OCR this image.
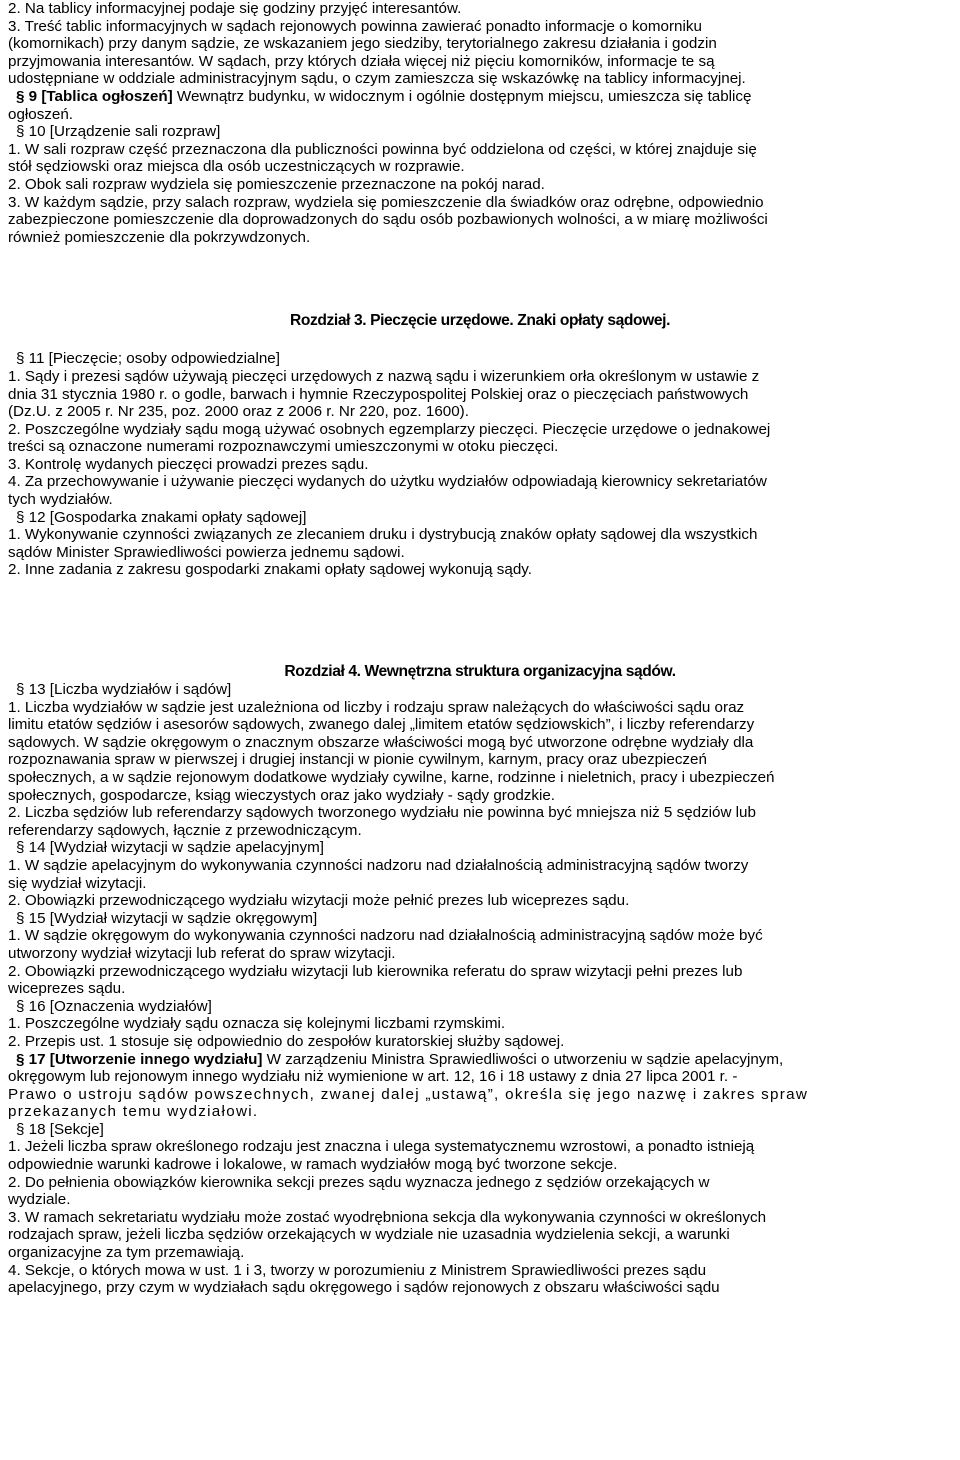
2. Na tablicy informacyjnej podaje się godziny przyjęć interesantów.

3. Treść tablic informacyjnych w sądach rejonowych powinna zawierać ponadto informacje o komorniku

(komornikach) przy danym sądzie, ze wskazaniem jego siedziby, terytorialnego zakresu działania i godzin

przyjmowania interesantów. W sądach, przy których działa więcej niż pięciu komorników, informacje te są

udostępniane w oddziale administracyjnym sądu, o czym zamieszcza się wskazówkę na tablicy informacyjnej.

§ 9 [Tablica ogłoszeń] Wewnątrz budynku, w widocznym i ogólnie dostępnym miejscu, umieszcza się tablicę

ogłoszeń.

§ 10 [Urządzenie sali rozpraw]

1. W sali rozpraw część przeznaczona dla publiczności powinna być oddzielona od części, w której znajduje się

stół sędziowski oraz miejsca dla osób uczestniczących w rozprawie.

2. Obok sali rozpraw wydziela się pomieszczenie przeznaczone na pokój narad.

3. W każdym sądzie, przy salach rozpraw, wydziela się pomieszczenie dla świadków oraz odrębne, odpowiednio

zabezpieczone pomieszczenie dla doprowadzonych do sądu osób pozbawionych wolności, a w miarę możliwości

również pomieszczenie dla pokrzywdzonych.

Rozdział 3. Pieczęcie urzędowe. Znaki opłaty sądowej.

§ 11 [Pieczęcie; osoby odpowiedzialne]

1. Sądy i prezesi sądów używają pieczęci urzędowych z nazwą sądu i wizerunkiem orła określonym w ustawie z

dnia 31 stycznia 1980 r. o godle, barwach i hymnie Rzeczypospolitej Polskiej oraz o pieczęciach państwowych

(Dz.U. z 2005 r. Nr 235, poz. 2000 oraz z 2006 r. Nr 220, poz. 1600).

2. Poszczególne wydziały sądu mogą używać osobnych egzemplarzy pieczęci. Pieczęcie urzędowe o jednakowej

treści są oznaczone numerami rozpoznawczymi umieszczonymi w otoku pieczęci.

3. Kontrolę wydanych pieczęci prowadzi prezes sądu.

4. Za przechowywanie i używanie pieczęci wydanych do użytku wydziałów odpowiadają kierownicy sekretariatów

tych wydziałów.

§ 12 [Gospodarka znakami opłaty sądowej]

1. Wykonywanie czynności związanych ze zlecaniem druku i dystrybucją znaków opłaty sądowej dla wszystkich

sądów Minister Sprawiedliwości powierza jednemu sądowi.

2. Inne zadania z zakresu gospodarki znakami opłaty sądowej wykonują sądy.

Rozdział 4. Wewnętrzna struktura organizacyjna sądów.

§ 13 [Liczba wydziałów i sądów]

1. Liczba wydziałów w sądzie jest uzależniona od liczby i rodzaju spraw należących do właściwości sądu oraz

limitu etatów sędziów i asesorów sądowych, zwanego dalej „limitem etatów sędziowskich”, i liczby referendarzy

sądowych. W sądzie okręgowym o znacznym obszarze właściwości mogą być utworzone odrębne wydziały dla

rozpoznawania spraw w pierwszej i drugiej instancji w pionie cywilnym, karnym, pracy oraz ubezpieczeń

społecznych, a w sądzie rejonowym dodatkowe wydziały cywilne, karne, rodzinne i nieletnich, pracy i ubezpieczeń

społecznych, gospodarcze, ksiąg wieczystych oraz jako wydziały - sądy grodzkie.

2. Liczba sędziów lub referendarzy sądowych tworzonego wydziału nie powinna być mniejsza niż 5 sędziów lub

referendarzy sądowych, łącznie z przewodniczącym.

§ 14 [Wydział wizytacji w sądzie apelacyjnym]

1. W sądzie apelacyjnym do wykonywania czynności nadzoru nad działalnością administracyjną sądów tworzy

się wydział wizytacji.

2. Obowiązki przewodniczącego wydziału wizytacji może pełnić prezes lub wiceprezes sądu.

§ 15 [Wydział wizytacji w sądzie okręgowym]

1. W sądzie okręgowym do wykonywania czynności nadzoru nad działalnością administracyjną sądów może być

utworzony wydział wizytacji lub referat do spraw wizytacji.

2. Obowiązki przewodniczącego wydziału wizytacji lub kierownika referatu do spraw wizytacji pełni prezes lub

wiceprezes sądu.

§ 16 [Oznaczenia wydziałów]

1. Poszczególne wydziały sądu oznacza się kolejnymi liczbami rzymskimi.

2. Przepis ust. 1 stosuje się odpowiednio do zespołów kuratorskiej służby sądowej.

§ 17 [Utworzenie innego wydziału] W zarządzeniu Ministra Sprawiedliwości o utworzeniu w sądzie apelacyjnym,

okręgowym lub rejonowym innego wydziału niż wymienione w art. 12, 16 i 18 ustawy z dnia 27 lipca 2001 r. -

Prawo o ustroju sądów powszechnych, zwanej dalej „ustawą”, określa się jego nazwę i zakres spraw

przekazanych temu wydziałowi.

§ 18 [Sekcje]

1. Jeżeli liczba spraw określonego rodzaju jest znaczna i ulega systematycznemu wzrostowi, a ponadto istnieją

odpowiednie warunki kadrowe i lokalowe, w ramach wydziałów mogą być tworzone sekcje.

2. Do pełnienia obowiązków kierownika sekcji prezes sądu wyznacza jednego z sędziów orzekających w

wydziale.

3. W ramach sekretariatu wydziału może zostać wyodrębniona sekcja dla wykonywania czynności w określonych

rodzajach spraw, jeżeli liczba sędziów orzekających w wydziale nie uzasadnia wydzielenia sekcji, a warunki

organizacyjne za tym przemawiają.

4. Sekcje, o których mowa w ust. 1 i 3, tworzy w porozumieniu z Ministrem Sprawiedliwości prezes sądu

apelacyjnego, przy czym w wydziałach sądu okręgowego i sądów rejonowych z obszaru właściwości sądu
